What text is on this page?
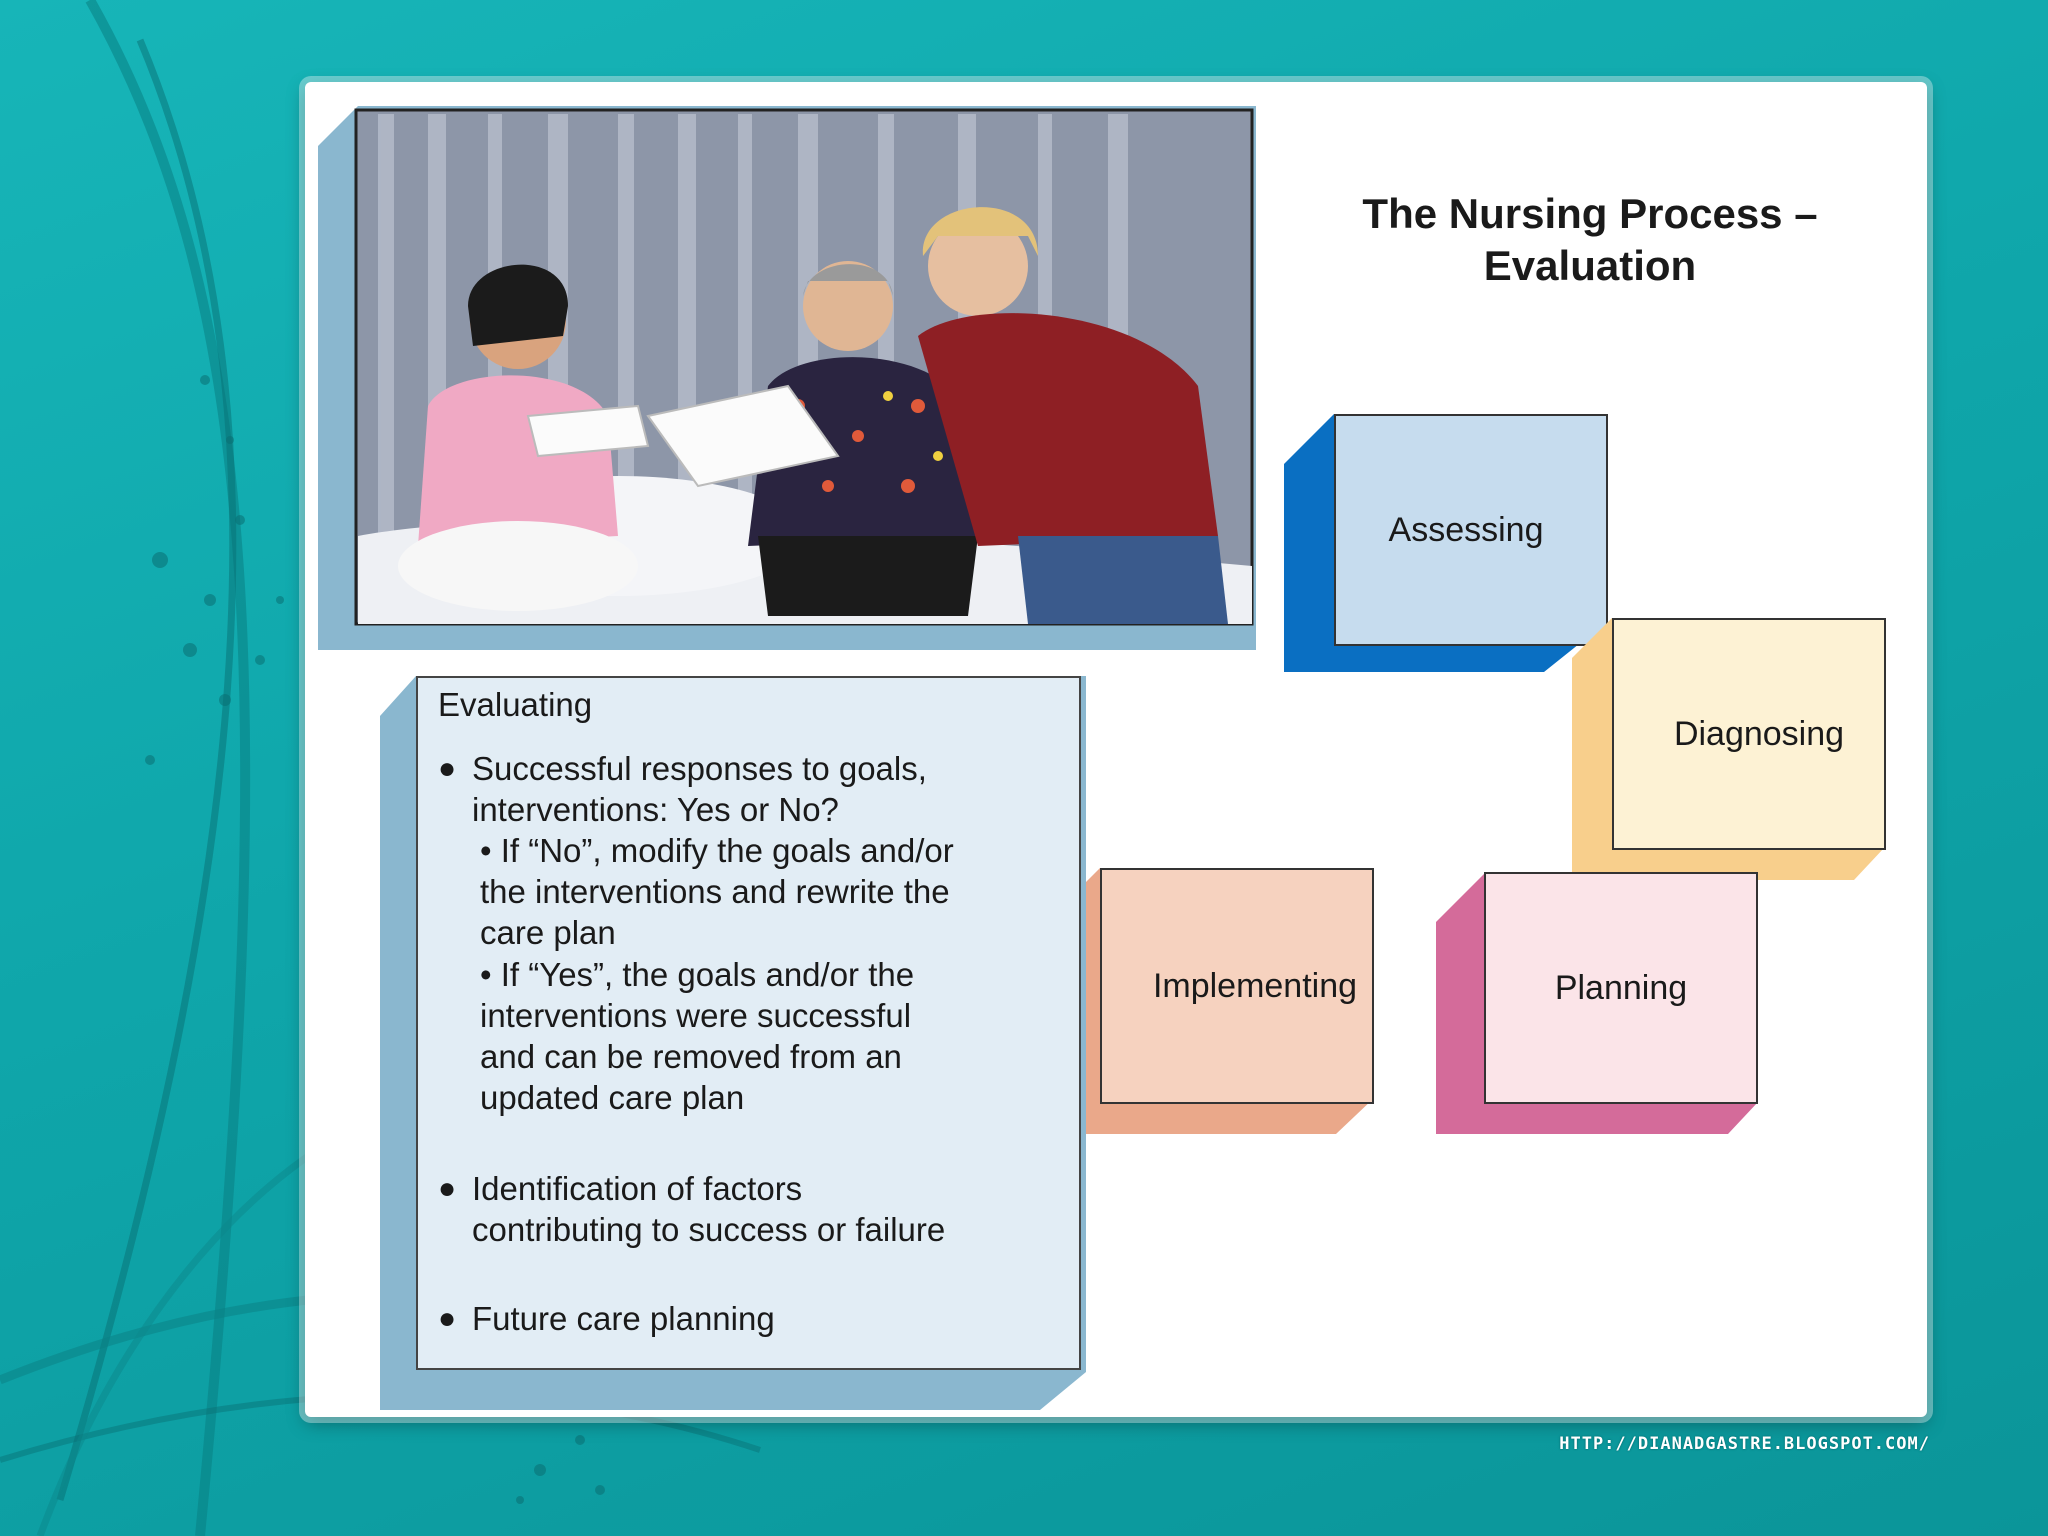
The Nursing Process –
Evaluation
Assessing
Diagnosing
Planning
Implementing
Evaluating
● Successful responses to goals,
interventions: Yes or No?
• If “No”, modify the goals and/or
the interventions and rewrite the
care plan
• If “Yes”, the goals and/or the
interventions were successful
and can be removed from an
updated care plan
● Identification of factors
contributing to success or failure
● Future care planning
HTTP://DIANADGASTRE.BLOGSPOT.COM/
